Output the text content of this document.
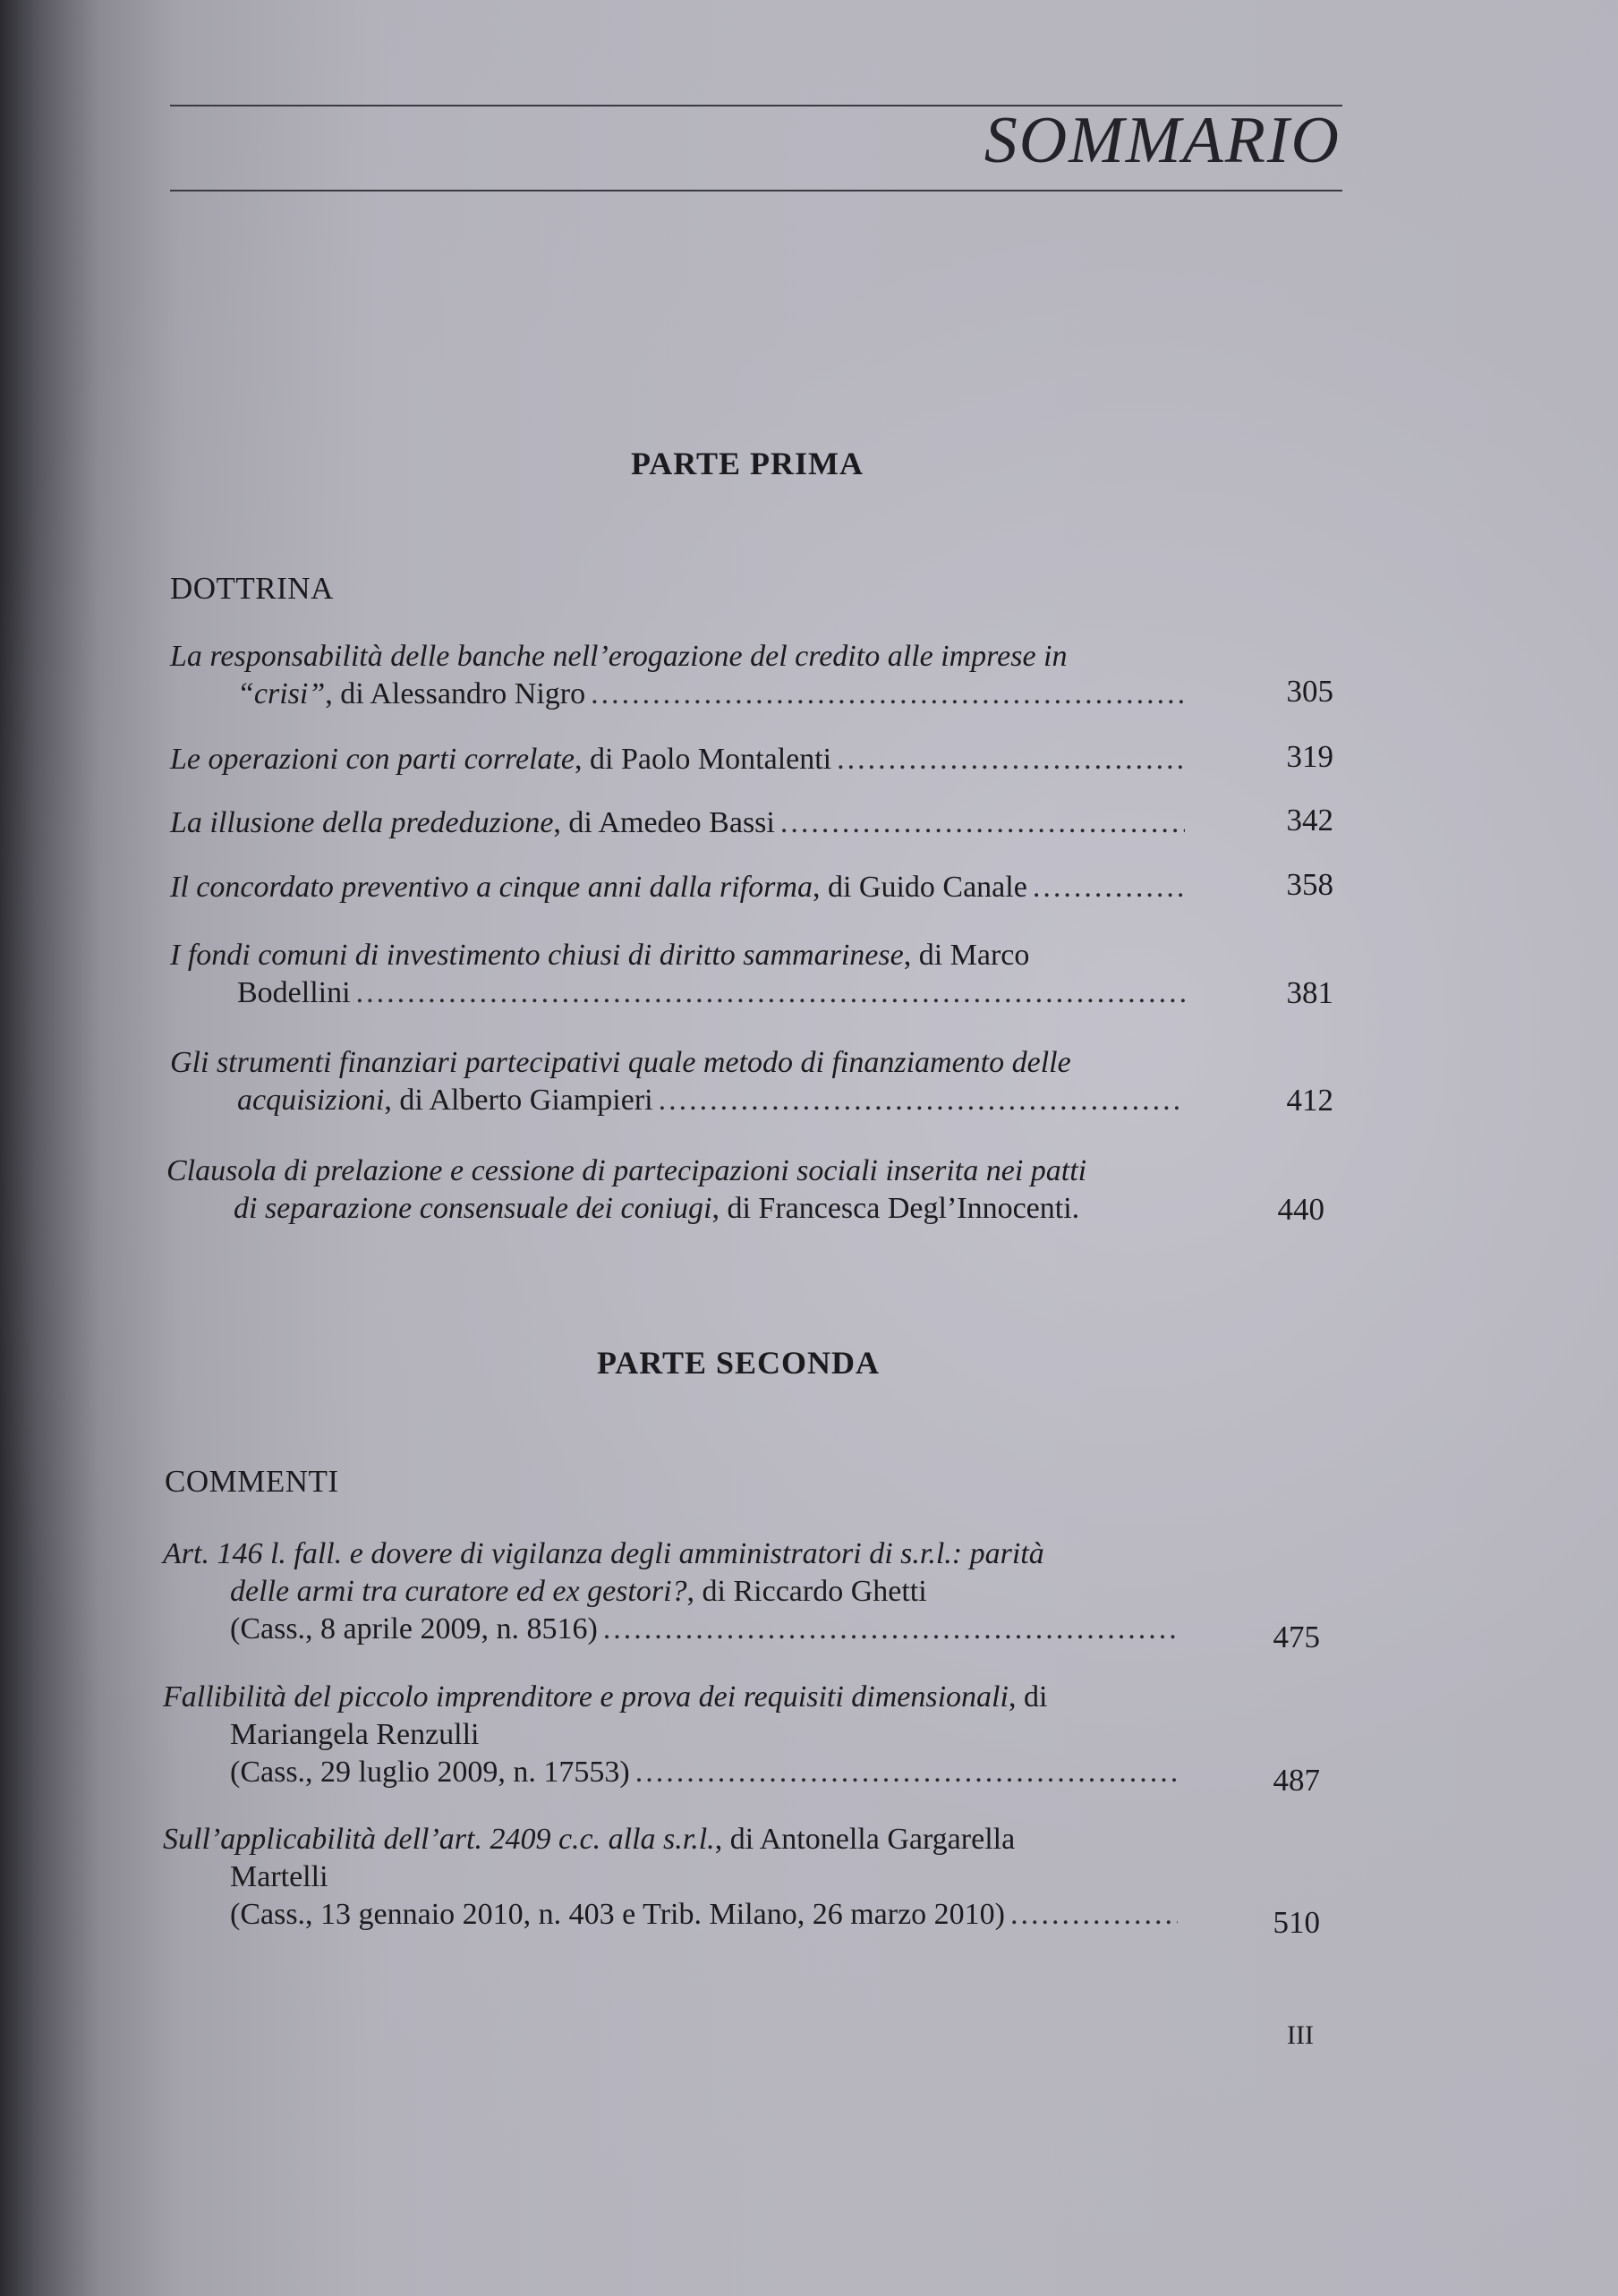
SOMMARIO
PARTE PRIMA
DOTTRINA
La responsabilità delle banche nell’erogazione del credito alle imprese in
“crisi”, di Alessandro Nigro .....	305
Le operazioni con parti correlate, di Paolo Montalenti .....	319
La illusione della prededuzione, di Amedeo Bassi .....	342
Il concordato preventivo a cinque anni dalla riforma, di Guido Canale .....	358
I fondi comuni di investimento chiusi di diritto sammarinese, di Marco
Bodellini .....	381
Gli strumenti finanziari partecipativi quale metodo di finanziamento delle
acquisizioni, di Alberto Giampieri .....	412
Clausola di prelazione e cessione di partecipazioni sociali inserita nei patti
di separazione consensuale dei coniugi, di Francesca Degl’Innocenti.	440
PARTE SECONDA
COMMENTI
Art. 146 l. fall. e dovere di vigilanza degli amministratori di s.r.l.: parità
delle armi tra curatore ed ex gestori?, di Riccardo Ghetti
(Cass., 8 aprile 2009, n. 8516) .....	475
Fallibilità del piccolo imprenditore e prova dei requisiti dimensionali, di
Mariangela Renzulli
(Cass., 29 luglio 2009, n. 17553) .....	487
Sull’applicabilità dell’art. 2409 c.c. alla s.r.l., di Antonella Gargarella
Martelli
(Cass., 13 gennaio 2010, n. 403 e Trib. Milano, 26 marzo 2010) .....	510
III
